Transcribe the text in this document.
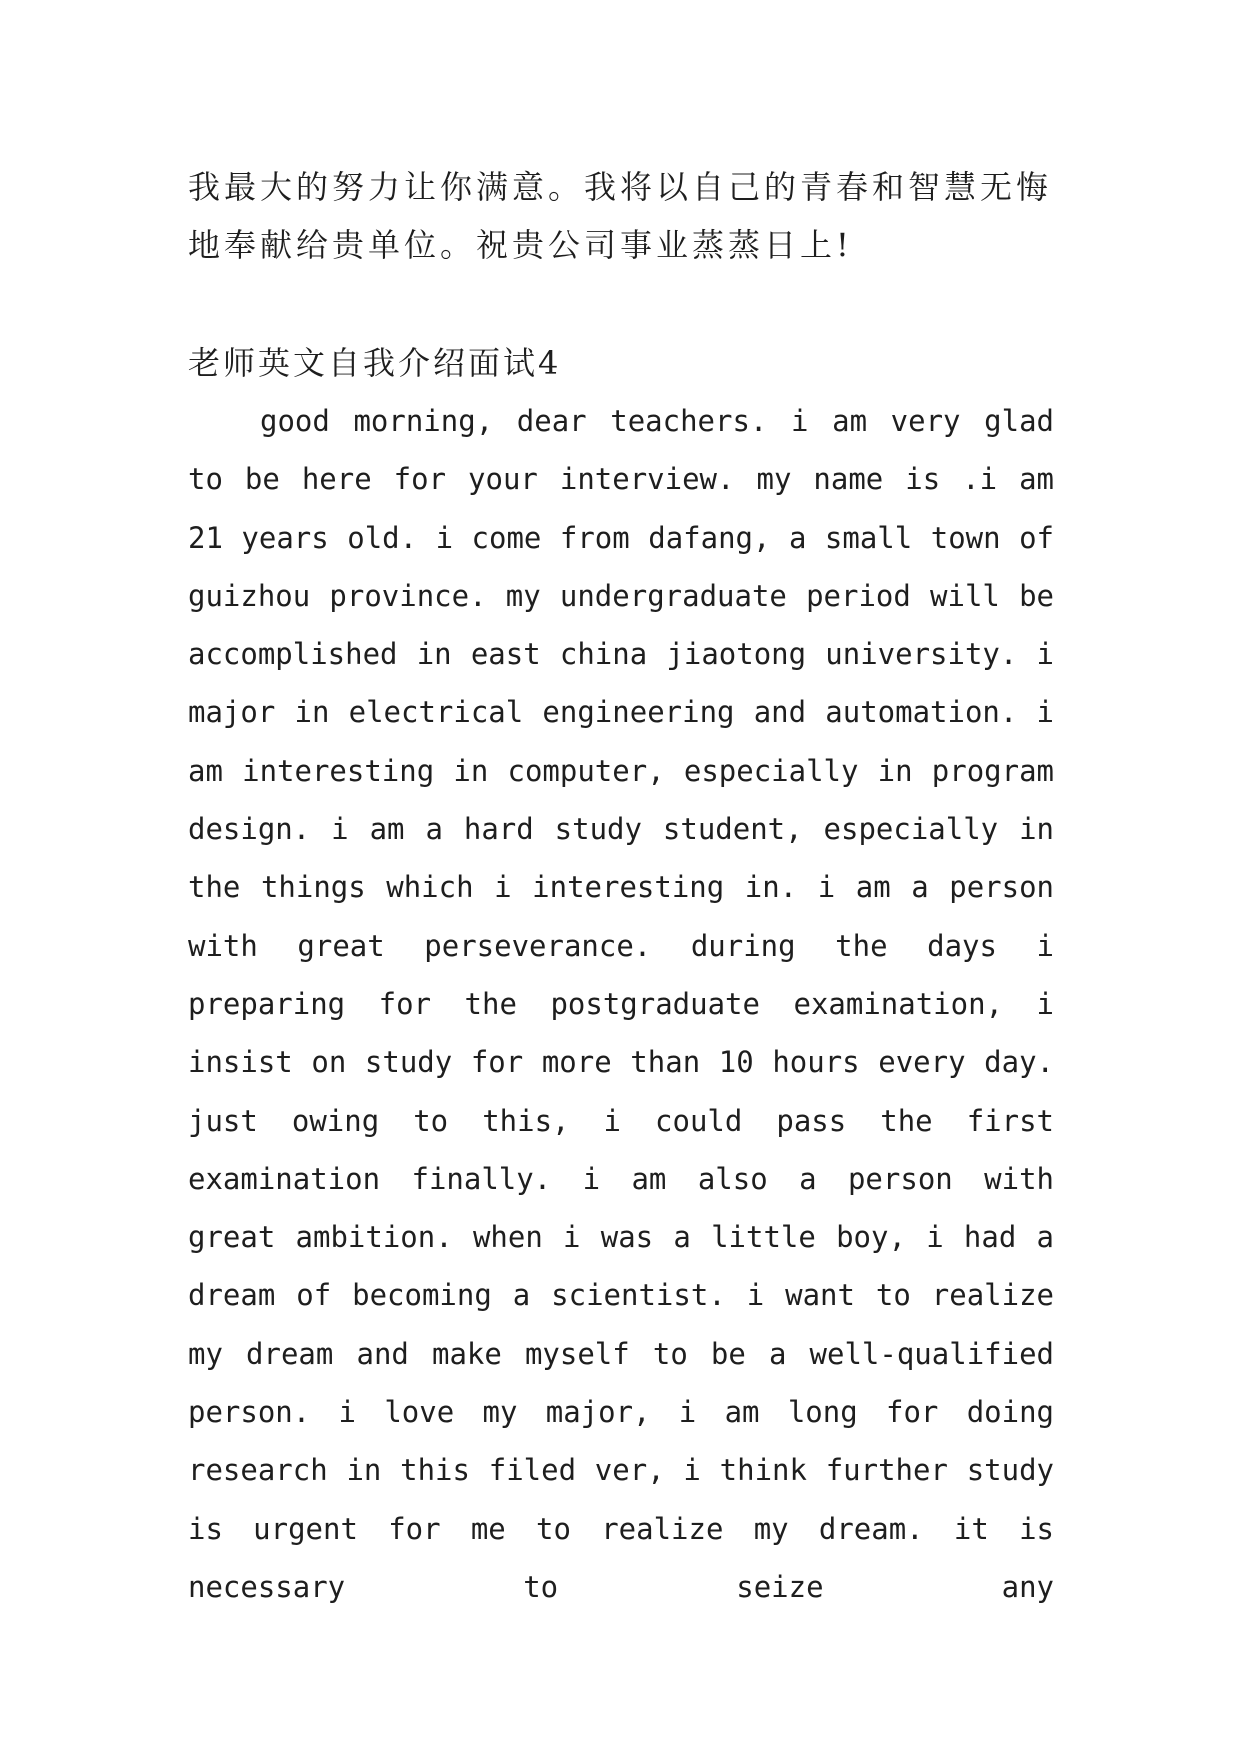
我最大的努力让你满意。我将以自己的青春和智慧无悔地奉献给贵单位。祝贵公司事业蒸蒸日上!

老师英文自我介绍面试4

good morning, dear teachers. i am very glad to be here for your interview. my name is .i am 21 years old. i come from dafang, a small town of guizhou province. my undergraduate period will be accomplished in east china jiaotong university. i major in electrical engineering and automation. i am interesting in computer, especially in program design. i am a hard study student, especially in the things which i interesting in. i am a person with great perseverance. during the days i preparing for the postgraduate examination, i insist on study for more than 10 hours every day. just owing to this, i could pass the first examination finally. i am also a person with great ambition. when i was a little boy, i had a dream of becoming a scientist. i want to realize my dream and make myself to be a well-qualified person. i love my major, i am long for doing research in this filed ver, i think further study is urgent for me to realize my dream. it is necessary to seize any
